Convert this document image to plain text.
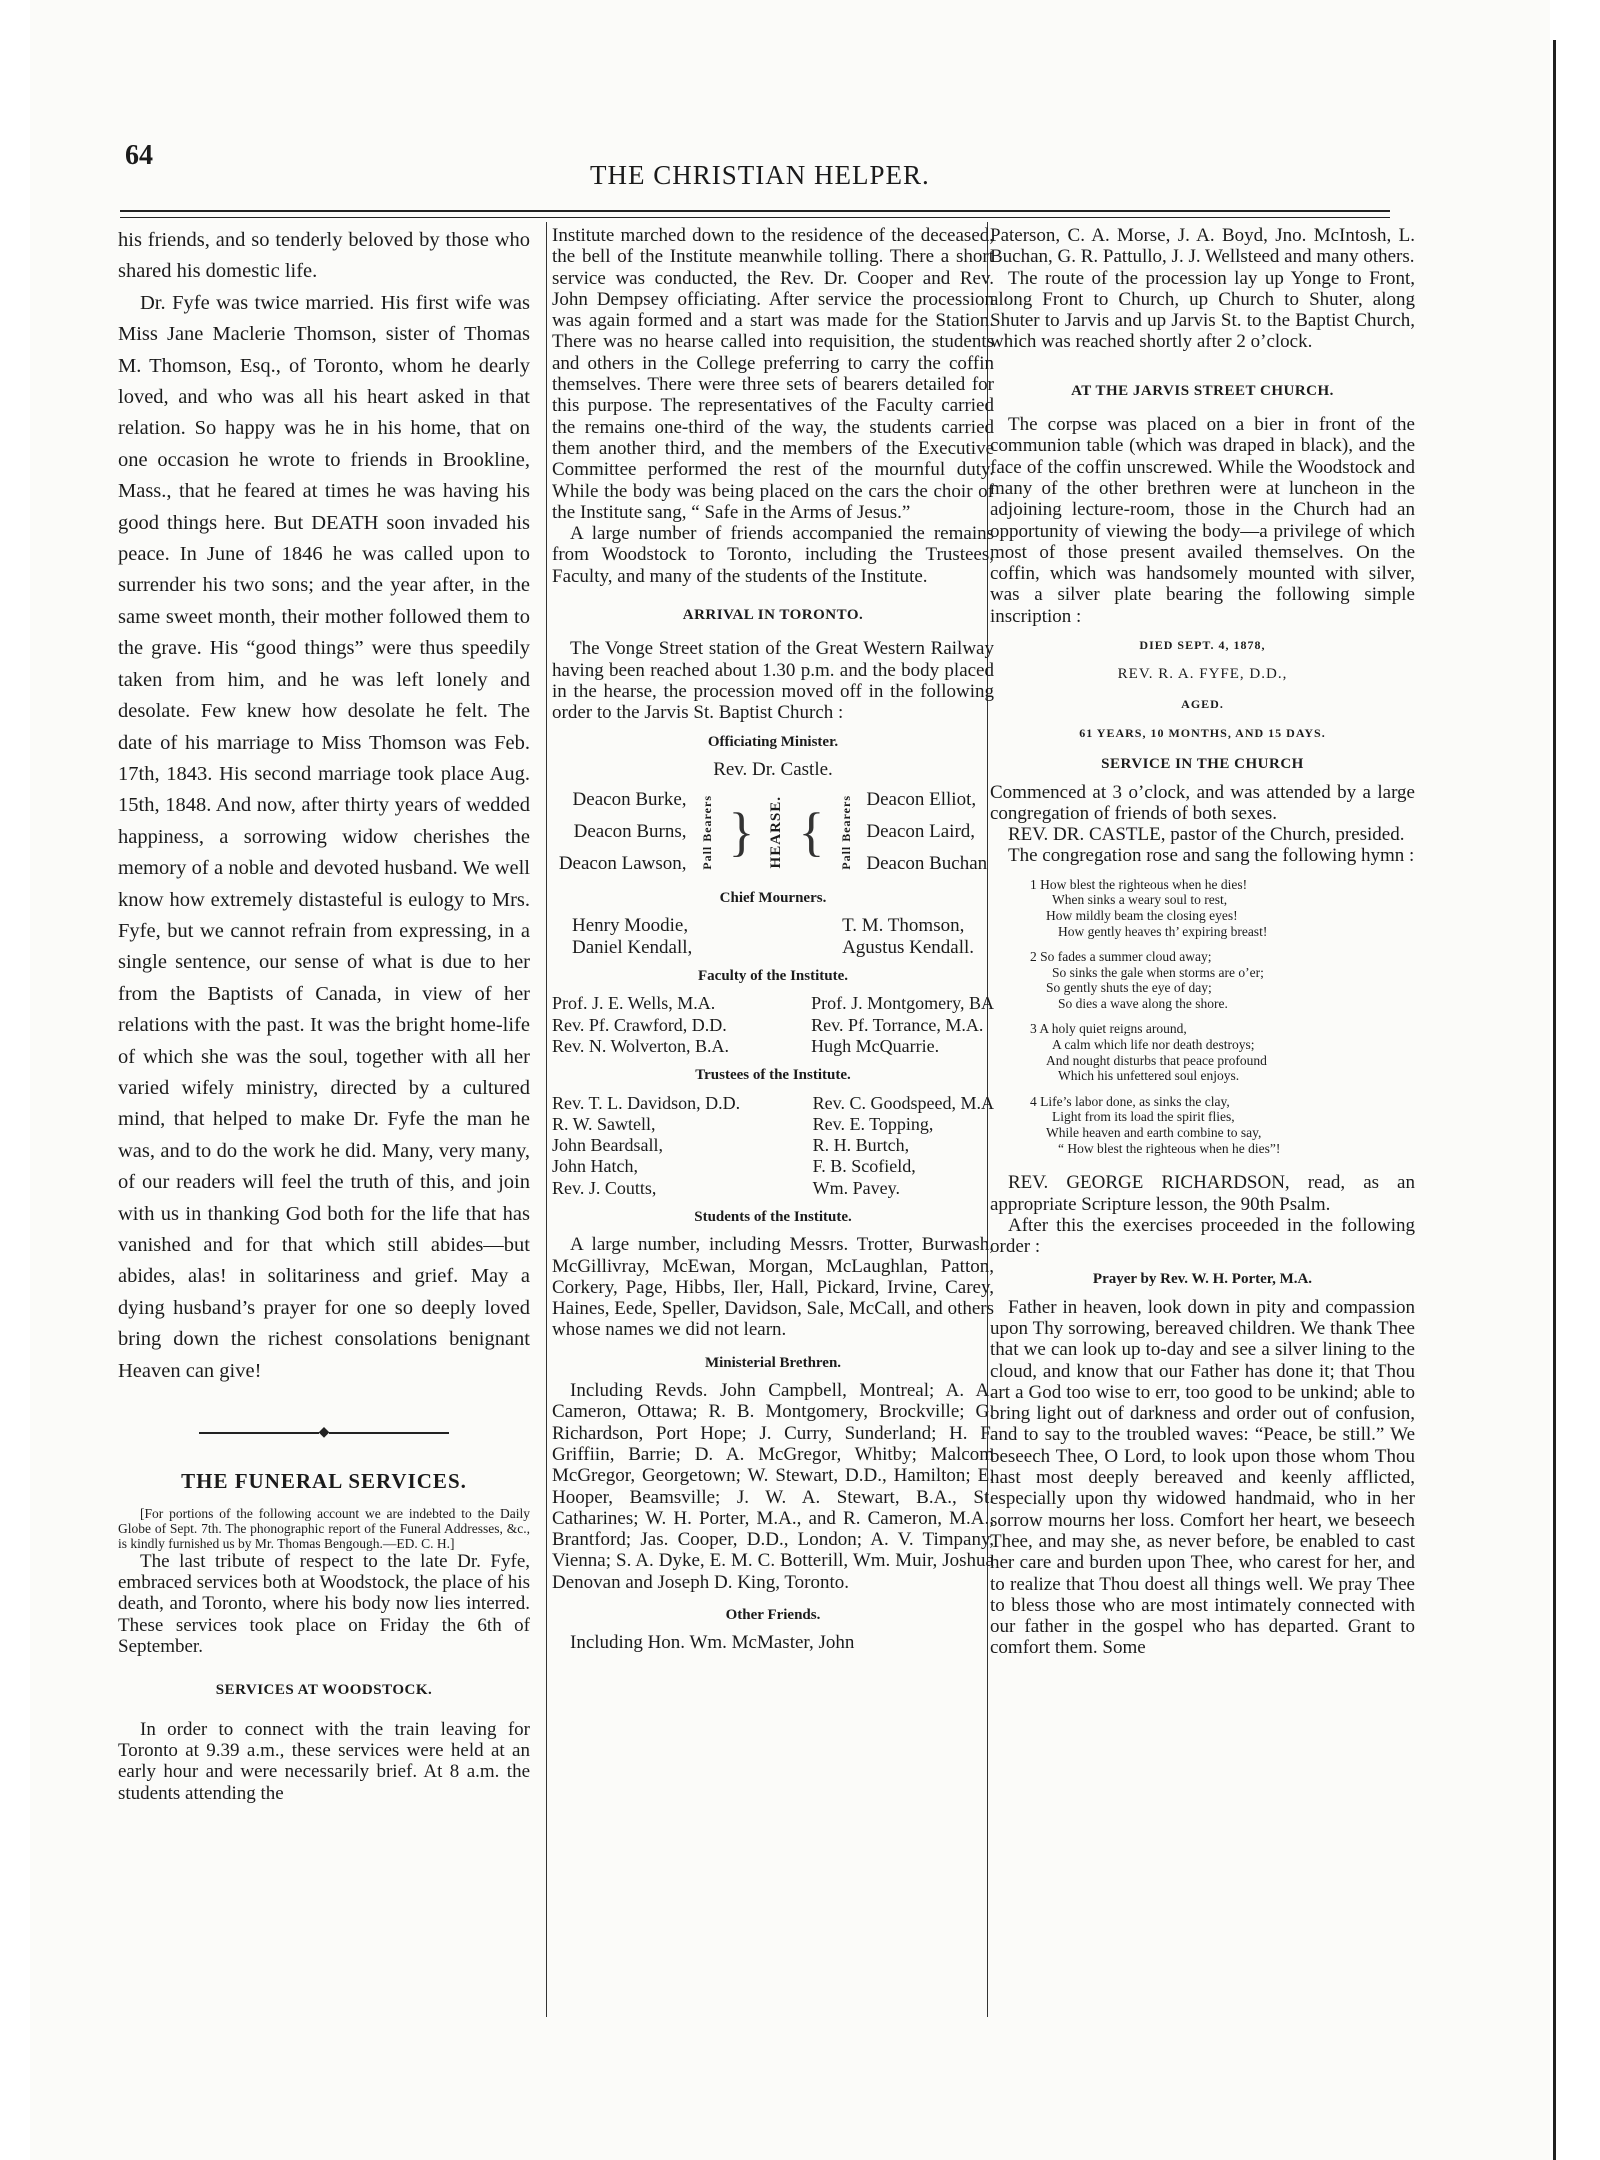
64
THE CHRISTIAN HELPER.

his friends, and so tenderly beloved by those who shared his domestic life.

Dr. Fyfe was twice married. His first wife was Miss Jane Maclerie Thomson, sister of Thomas M. Thomson, Esq., of Toronto, whom he dearly loved, and who was all his heart asked in that relation. So happy was he in his home, that on one occasion he wrote to friends in Brookline, Mass., that he feared at times he was having his good things here. But DEATH soon invaded his peace. In June of 1846 he was called upon to surrender his two sons; and the year after, in the same sweet month, their mother followed them to the grave. His “good things” were thus speedily taken from him, and he was left lonely and desolate. Few knew how desolate he felt. The date of his marriage to Miss Thomson was Feb. 17th, 1843. His second marriage took place Aug. 15th, 1848. And now, after thirty years of wedded happiness, a sorrowing widow cherishes the memory of a noble and devoted husband. We well know how extremely distasteful is eulogy to Mrs. Fyfe, but we cannot refrain from expressing, in a single sentence, our sense of what is due to her from the Baptists of Canada, in view of her relations with the past. It was the bright home-life of which she was the soul, together with all her varied wifely ministry, directed by a cultured mind, that helped to make Dr. Fyfe the man he was, and to do the work he did. Many, very many, of our readers will feel the truth of this, and join with us in thanking God both for the life that has vanished and for that which still abides—but abides, alas! in solitariness and grief. May a dying husband’s prayer for one so deeply loved bring down the richest consolations benignant Heaven can give!

◆
THE FUNERAL SERVICES.

[For portions of the following account we are indebted to the Daily Globe of Sept. 7th. The phonographic report of the Funeral Addresses, &c., is kindly furnished us by Mr. Thomas Bengough.—ED. C. H.]

The last tribute of respect to the late Dr. Fyfe, embraced services both at Woodstock, the place of his death, and Toronto, where his body now lies interred. These services took place on Friday the 6th of September.

SERVICES AT WOODSTOCK.

In order to connect with the train leaving for Toronto at 9.39 a.m., these services were held at an early hour and were necessarily brief. At 8 a.m. the students attending the

Institute marched down to the residence of the deceased, the bell of the Institute meanwhile tolling. There a short service was conducted, the Rev. Dr. Cooper and Rev. John Dempsey officiating. After service the procession was again formed and a start was made for the Station. There was no hearse called into requisition, the students and others in the College preferring to carry the coffin themselves. There were three sets of bearers detailed for this purpose. The representatives of the Faculty carried the remains one-third of the way, the students carried them another third, and the members of the Executive Committee performed the rest of the mournful duty. While the body was being placed on the cars the choir of the Institute sang, “ Safe in the Arms of Jesus.”

A large number of friends accompanied the remains from Woodstock to Toronto, including the Trustees, Faculty, and many of the students of the Institute.

ARRIVAL IN TORONTO.

The Vonge Street station of the Great Western Railway having been reached about 1.30 p.m. and the body placed in the hearse, the procession moved off in the following order to the Jarvis St. Baptist Church :

Officiating Minister.
Rev. Dr. Castle.
Deacon Burke,
Deacon Burns,
Deacon Lawson,	Pall Bearers } HEARSE. {	Pall Bearers Deacon Elliot,
Deacon Laird,
Deacon Buchan
Chief Mourners.
Henry Moodie,
Daniel Kendall,
T. M. Thomson,
Agustus Kendall.
Faculty of the Institute.
Prof. J. E. Wells, M.A.
Rev. Pf. Crawford, D.D.
Rev. N. Wolverton, B.A.
Prof. J. Montgomery, BA
Rev. Pf. Torrance, M.A.
Hugh McQuarrie.
Trustees of the Institute.
Rev. T. L. Davidson, D.D.
R. W. Sawtell,
John Beardsall,
John Hatch,
Rev. J. Coutts,
Rev. C. Goodspeed, M.A
Rev. E. Topping,
R. H. Burtch,
F. B. Scofield,
Wm. Pavey.
Students of the Institute.

A large number, including Messrs. Trotter, Burwash, McGillivray, McEwan, Morgan, McLaughlan, Patton, Corkery, Page, Hibbs, Iler, Hall, Pickard, Irvine, Carey, Haines, Eede, Speller, Davidson, Sale, McCall, and others whose names we did not learn.

Ministerial Brethren.

Including Revds. John Campbell, Montreal; A. A. Cameron, Ottawa; R. B. Montgomery, Brockville; G. Richardson, Port Hope; J. Curry, Sunderland; H. F. Griffiin, Barrie; D. A. McGregor, Whitby; Malcom McGregor, Georgetown; W. Stewart, D.D., Hamilton; E. Hooper, Beamsville; J. W. A. Stewart, B.A., St. Catharines; W. H. Porter, M.A., and R. Cameron, M.A., Brantford; Jas. Cooper, D.D., London; A. V. Timpany, Vienna; S. A. Dyke, E. M. C. Botterill, Wm. Muir, Joshua Denovan and Joseph D. King, Toronto.

Other Friends.

Including Hon. Wm. McMaster, John

Paterson, C. A. Morse, J. A. Boyd, Jno. McIntosh, L. Buchan, G. R. Pattullo, J. J. Wellsteed and many others.

The route of the procession lay up Yonge to Front, along Front to Church, up Church to Shuter, along Shuter to Jarvis and up Jarvis St. to the Baptist Church, which was reached shortly after 2 o’clock.

AT THE JARVIS STREET CHURCH.

The corpse was placed on a bier in front of the communion table (which was draped in black), and the face of the coffin unscrewed. While the Woodstock and many of the other brethren were at luncheon in the adjoining lecture-room, those in the Church had an opportunity of viewing the body—a privilege of which most of those present availed themselves. On the coffin, which was handsomely mounted with silver, was a silver plate bearing the following simple inscription :

DIED SEPT. 4, 1878,
REV. R. A. FYFE, D.D.,
AGED.
61 YEARS, 10 MONTHS, AND 15 DAYS.
SERVICE IN THE CHURCH

Commenced at 3 o’clock, and was attended by a large congregation of friends of both sexes.

REV. DR. CASTLE, pastor of the Church, presided.

The congregation rose and sang the following hymn :

1 How blest the righteous when he dies!
When sinks a weary soul to rest,
How mildly beam the closing eyes!
How gently heaves th’ expiring breast!
2 So fades a summer cloud away;
So sinks the gale when storms are o’er;
So gently shuts the eye of day;
So dies a wave along the shore.
3 A holy quiet reigns around,
A calm which life nor death destroys;
And nought disturbs that peace profound
Which his unfettered soul enjoys.
4 Life’s labor done, as sinks the clay,
Light from its load the spirit flies,
While heaven and earth combine to say,
“ How blest the righteous when he dies”!

REV. GEORGE RICHARDSON, read, as an appropriate Scripture lesson, the 90th Psalm.

After this the exercises proceeded in the following order :

Prayer by Rev. W. H. Porter, M.A.

Father in heaven, look down in pity and compassion upon Thy sorrowing, bereaved children. We thank Thee that we can look up to-day and see a silver lining to the cloud, and know that our Father has done it; that Thou art a God too wise to err, too good to be unkind; able to bring light out of darkness and order out of confusion, and to say to the troubled waves: “Peace, be still.” We beseech Thee, O Lord, to look upon those whom Thou hast most deeply bereaved and keenly afflicted, especially upon thy widowed handmaid, who in her sorrow mourns her loss. Comfort her heart, we beseech Thee, and may she, as never before, be enabled to cast her care and burden upon Thee, who carest for her, and to realize that Thou doest all things well. We pray Thee to bless those who are most intimately connected with our father in the gospel who has departed. Grant to comfort them. Some
